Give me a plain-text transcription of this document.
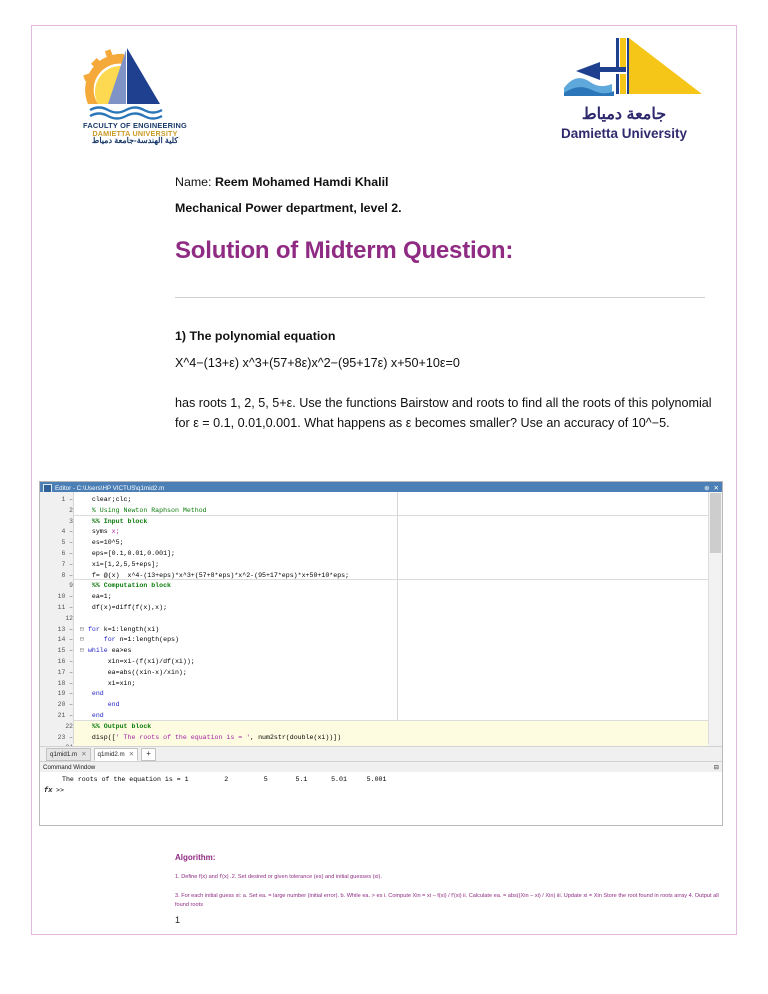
FACULTY OF ENGINEERING
DAMIETTA UNIVERSITY
كلية الهندسة-جامعة دمياط
جامعة دمياط
Damietta University
Name: Reem Mohamed Hamdi Khalil
Mechanical Power department, level 2.
Solution of Midterm Question:
1) The polynomial equation
X^4−(13+ε) x^3+(57+8ε)x^2−(95+17ε) x+50+10ε=0
has roots 1, 2, 5, 5+ε. Use the functions Bairstow and roots to find all the roots of this polynomial for ε = 0.1, 0.01,0.001. What happens as ε becomes smaller? Use an accuracy of 10^−5.
Editor - C:\Users\HP VICTUS\q1mid2.m	⊕ ✕
clear;clc;
% Using Newton Raphson Method
%% Input block
syms x;
es=10^5;
eps=[0.1,0.01,0.001];
xi=[1,2,5,5+eps];
f= @(x)  x^4-(13+eps)*x^3+(57+8*eps)*x^2-(95+17*eps)*x+50+10*eps;
%% Computation block
ea=1;
df(x)=diff(f(x),x);

⊟ for k=1:length(xi)
⊟     for n=1:length(eps)
⊟ while ea>es
xin=xi-(f(xi)/df(xi));
ea=abs((xin-x)/xin);
xi=xin;
end
end
end
%% Output block
disp([' The roots of the equation is = ', num2str(double(xi))])

1 –
2
3
4 –
5 –
6 –
7 –
8 –
9
10 –
11 –
12
13 –
14 –
15 –
16 –
17 –
18 –
19 –
20 –
21 –
22
23 –
q1mid1.m ✕ q1mid2.m ✕	+
Command Window	⊟
The roots of the equation is = 1         2         5       5.1      5.01     5.001
fx >>
Algorithm:
1. Define f(x) and f'(x) .2. Set desired or given tolerance (es) and initial guesses (xi).
3. For each initial guess xi: a. Set ea. = large number (initial error). b. While ea. > es i. Compute Xin = xi – f(xi) / f'(xi) ii. Calculate ea. = abs((Xin – xi) / Xin) iii. Update xi = Xin Store the root found in roots array 4. Output all found roots
1
